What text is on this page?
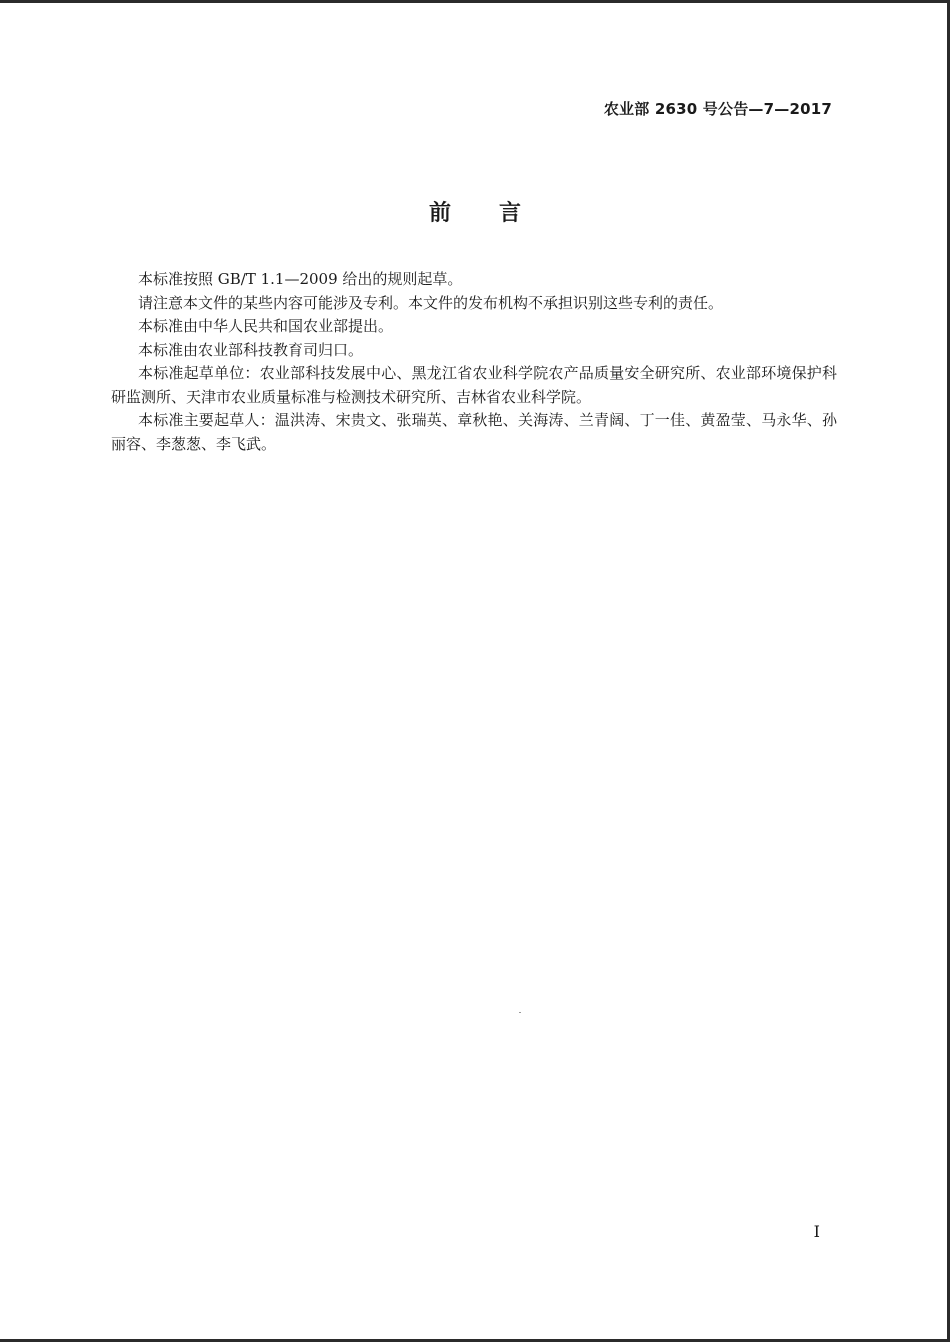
农业部 2630 号公告—7—2017
前言

本标准按照 GB/T 1.1—2009 给出的规则起草。

请注意本文件的某些内容可能涉及专利。本文件的发布机构不承担识别这些专利的责任。

本标准由中华人民共和国农业部提出。

本标准由农业部科技教育司归口。

本标准起草单位：农业部科技发展中心、黑龙江省农业科学院农产品质量安全研究所、农业部环境保护科研监测所、天津市农业质量标准与检测技术研究所、吉林省农业科学院。

本标准主要起草人：温洪涛、宋贵文、张瑞英、章秋艳、关海涛、兰青阔、丁一佳、黄盈莹、马永华、孙丽容、李葱葱、李飞武。

I
